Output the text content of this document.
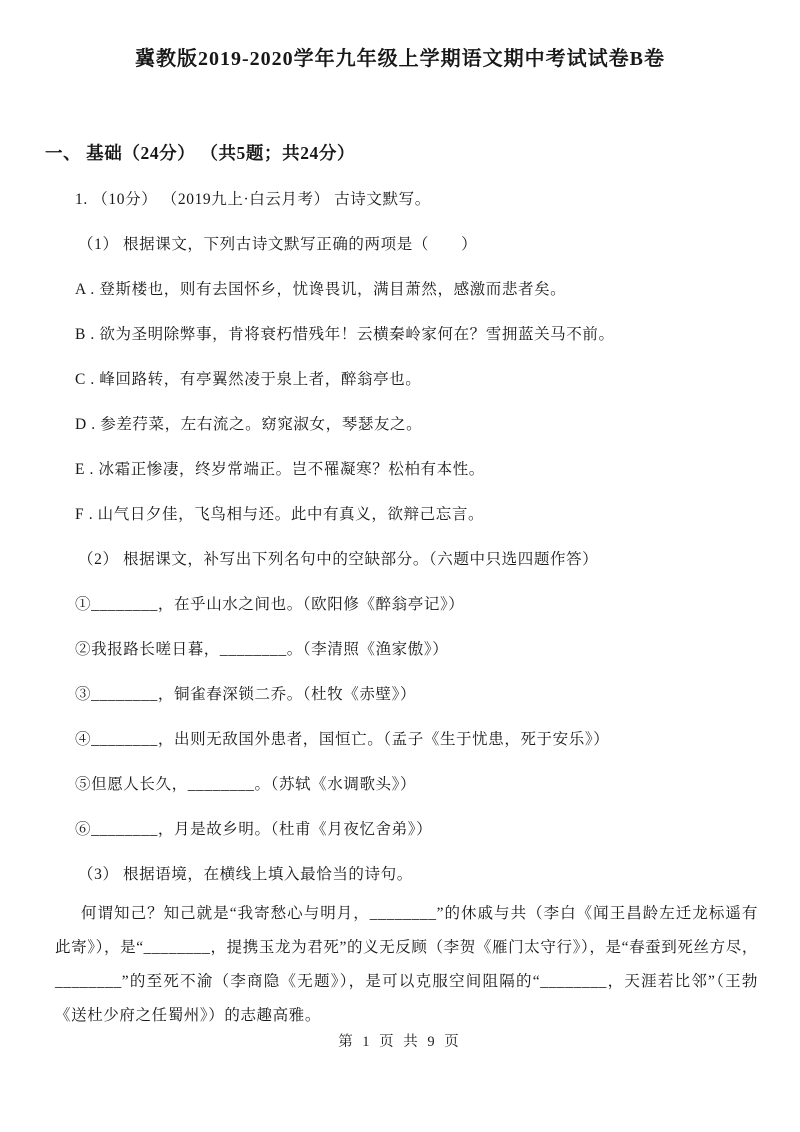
冀教版2019-2020学年九年级上学期语文期中考试试卷B卷
一、 基础（24分） （共5题；共24分）
1. （10分） （2019九上·白云月考） 古诗文默写。
（1） 根据课文，下列古诗文默写正确的两项是（　　）
A . 登斯楼也，则有去国怀乡，忧谗畏讥，满目萧然，感激而悲者矣。
B . 欲为圣明除弊事，肯将衰朽惜残年！云横秦岭家何在？雪拥蓝关马不前。
C . 峰回路转，有亭翼然凌于泉上者，醉翁亭也。
D . 参差荇菜，左右流之。窈窕淑女，琴瑟友之。
E . 冰霜正惨凄，终岁常端正。岂不罹凝寒？松柏有本性。
F . 山气日夕佳，飞鸟相与还。此中有真义，欲辩己忘言。
（2） 根据课文，补写出下列名句中的空缺部分。（六题中只选四题作答）
①________，在乎山水之间也。（欧阳修《醉翁亭记》）
②我报路长嗟日暮，________。（李清照《渔家傲》）
③________，铜雀春深锁二乔。（杜牧《赤壁》）
④________，出则无敌国外患者，国恒亡。（孟子《生于忧患，死于安乐》）
⑤但愿人长久，________。（苏轼《水调歌头》）
⑥________，月是故乡明。（杜甫《月夜忆舍弟》）
（3） 根据语境，在横线上填入最恰当的诗句。

何谓知己？知己就是“我寄愁心与明月，________”的休戚与共（李白《闻王昌龄左迁龙标遥有此寄》），是“________，提携玉龙为君死”的义无反顾（李贺《雁门太守行》），是“春蚕到死丝方尽，________”的至死不渝（李商隐《无题》），是可以克服空间阻隔的“________，天涯若比邻”（王勃《送杜少府之任蜀州》）的志趣高雅。

第 1 页 共 9 页
